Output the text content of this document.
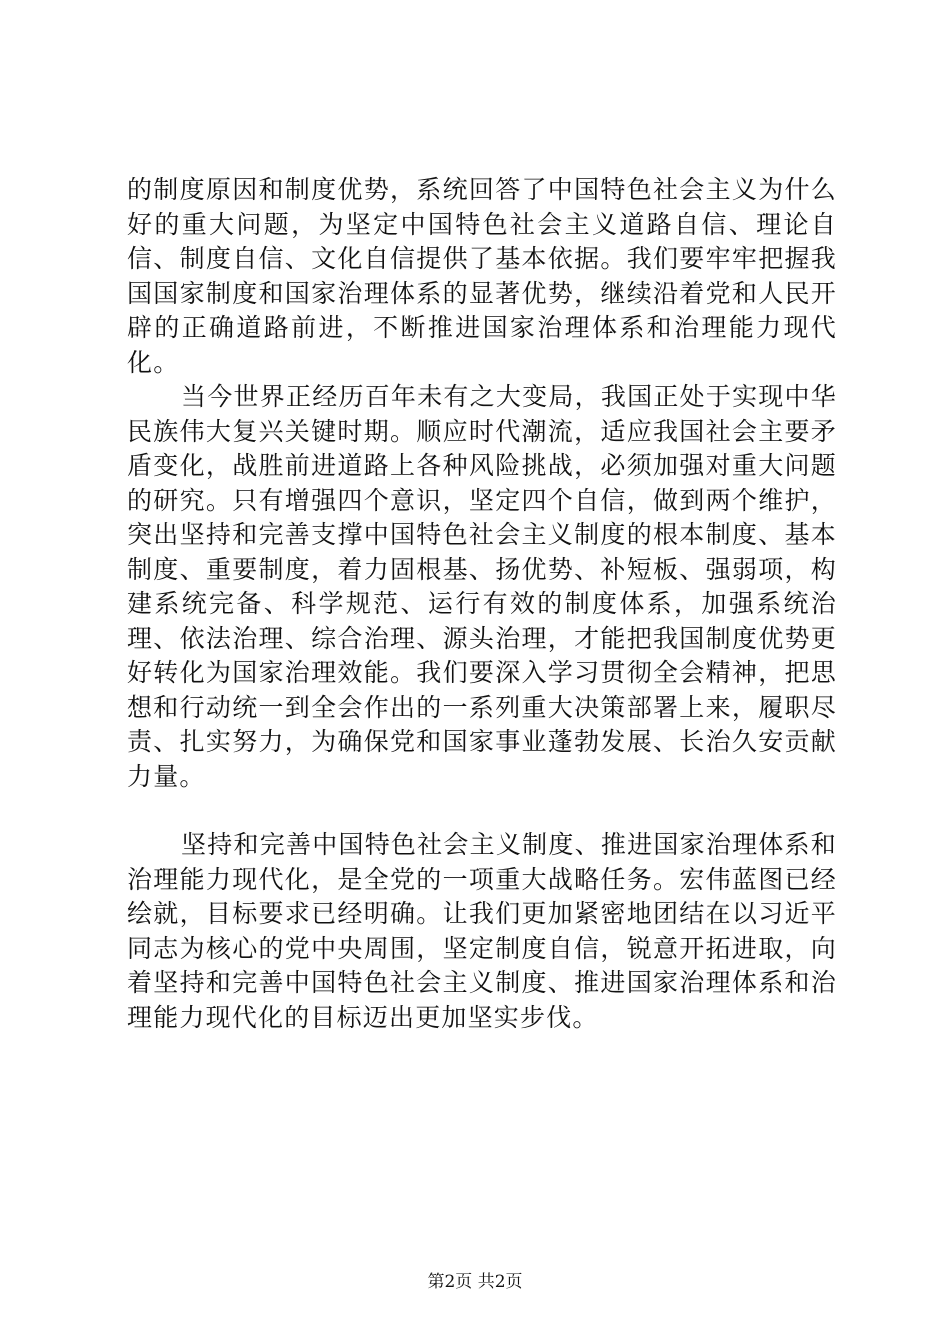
的制度原因和制度优势，系统回答了中国特色社会主义为什么好的重大问题，为坚定中国特色社会主义道路自信、理论自信、制度自信、文化自信提供了基本依据。我们要牢牢把握我国国家制度和国家治理体系的显著优势，继续沿着党和人民开辟的正确道路前进，不断推进国家治理体系和治理能力现代化。

当今世界正经历百年未有之大变局，我国正处于实现中华民族伟大复兴关键时期。顺应时代潮流，适应我国社会主要矛盾变化，战胜前进道路上各种风险挑战，必须加强对重大问题的研究。只有增强四个意识，坚定四个自信，做到两个维护，突出坚持和完善支撑中国特色社会主义制度的根本制度、基本制度、重要制度，着力固根基、扬优势、补短板、强弱项，构建系统完备、科学规范、运行有效的制度体系，加强系统治理、依法治理、综合治理、源头治理，才能把我国制度优势更好转化为国家治理效能。我们要深入学习贯彻全会精神，把思想和行动统一到全会作出的一系列重大决策部署上来，履职尽责、扎实努力，为确保党和国家事业蓬勃发展、长治久安贡献力量。

坚持和完善中国特色社会主义制度、推进国家治理体系和治理能力现代化，是全党的一项重大战略任务。宏伟蓝图已经绘就，目标要求已经明确。让我们更加紧密地团结在以习近平同志为核心的党中央周围，坚定制度自信，锐意开拓进取，向着坚持和完善中国特色社会主义制度、推进国家治理体系和治理能力现代化的目标迈出更加坚实步伐。

第2页 共2页
